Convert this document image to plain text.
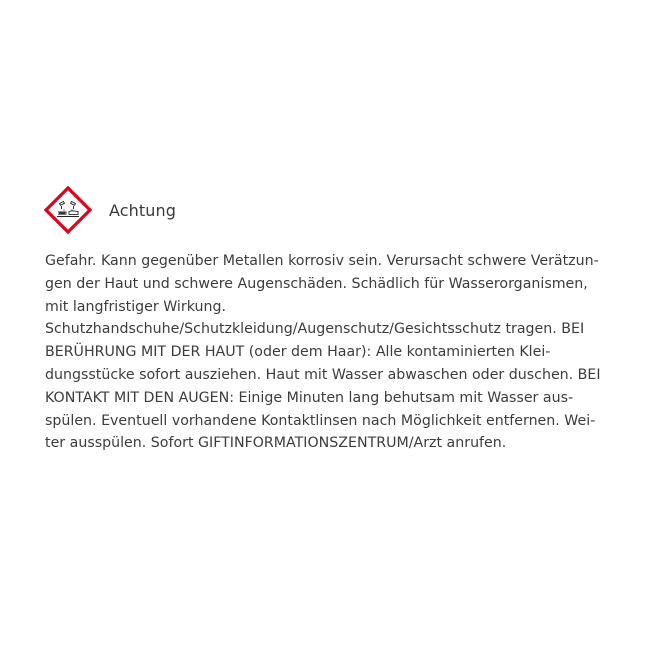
Achtung
Gefahr. Kann gegenüber Metallen korrosiv sein. Verursacht schwere Verätzun-
gen der Haut und schwere Augenschäden. Schädlich für Wasserorganismen,
mit langfristiger Wirkung.
Schutzhandschuhe/Schutzkleidung/Augenschutz/Gesichtsschutz tragen. BEI
BERÜHRUNG MIT DER HAUT (oder dem Haar): Alle kontaminierten Klei-
dungsstücke sofort ausziehen. Haut mit Wasser abwaschen oder duschen. BEI
KONTAKT MIT DEN AUGEN: Einige Minuten lang behutsam mit Wasser aus-
spülen. Eventuell vorhandene Kontaktlinsen nach Möglichkeit entfernen. Wei-
ter ausspülen. Sofort GIFTINFORMATIONSZENTRUM/Arzt anrufen.
